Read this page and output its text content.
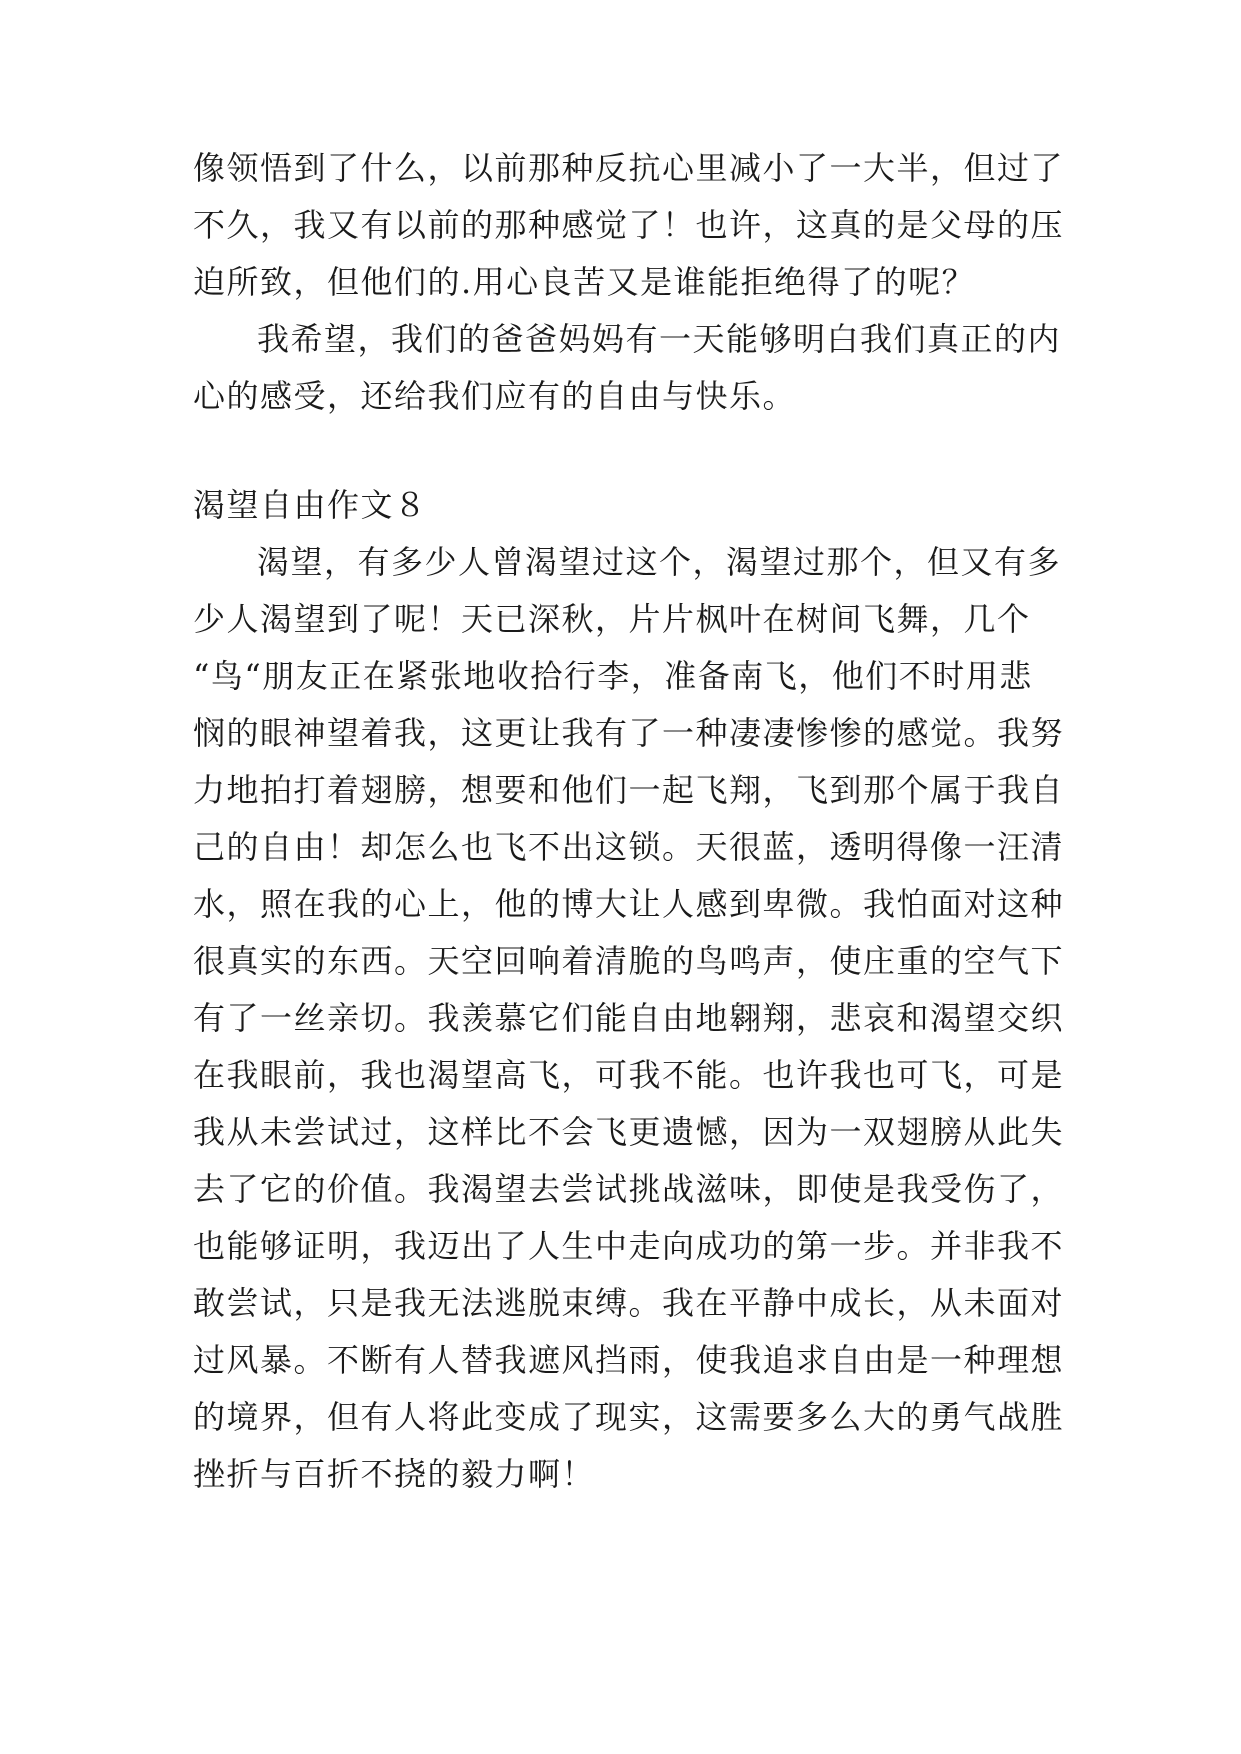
像领悟到了什么，以前那种反抗心里减小了一大半，但过了
不久，我又有以前的那种感觉了！也许，这真的是父母的压
迫所致，但他们的.用心良苦又是谁能拒绝得了的呢？
我希望，我们的爸爸妈妈有一天能够明白我们真正的内
心的感受，还给我们应有的自由与快乐。
渴望自由作文８
渴望，有多少人曾渴望过这个，渴望过那个，但又有多
少人渴望到了呢！天已深秋，片片枫叶在树间飞舞，几个
“鸟“朋友正在紧张地收拾行李，准备南飞，他们不时用悲
悯的眼神望着我，这更让我有了一种凄凄惨惨的感觉。我努
力地拍打着翅膀，想要和他们一起飞翔，飞到那个属于我自
己的自由！却怎么也飞不出这锁。天很蓝，透明得像一汪清
水，照在我的心上，他的博大让人感到卑微。我怕面对这种
很真实的东西。天空回响着清脆的鸟鸣声，使庄重的空气下
有了一丝亲切。我羡慕它们能自由地翱翔，悲哀和渴望交织
在我眼前，我也渴望高飞，可我不能。也许我也可飞，可是
我从未尝试过，这样比不会飞更遗憾，因为一双翅膀从此失
去了它的价值。我渴望去尝试挑战滋味，即使是我受伤了，
也能够证明，我迈出了人生中走向成功的第一步。并非我不
敢尝试，只是我无法逃脱束缚。我在平静中成长，从未面对
过风暴。不断有人替我遮风挡雨，使我追求自由是一种理想
的境界，但有人将此变成了现实，这需要多么大的勇气战胜
挫折与百折不挠的毅力啊！
